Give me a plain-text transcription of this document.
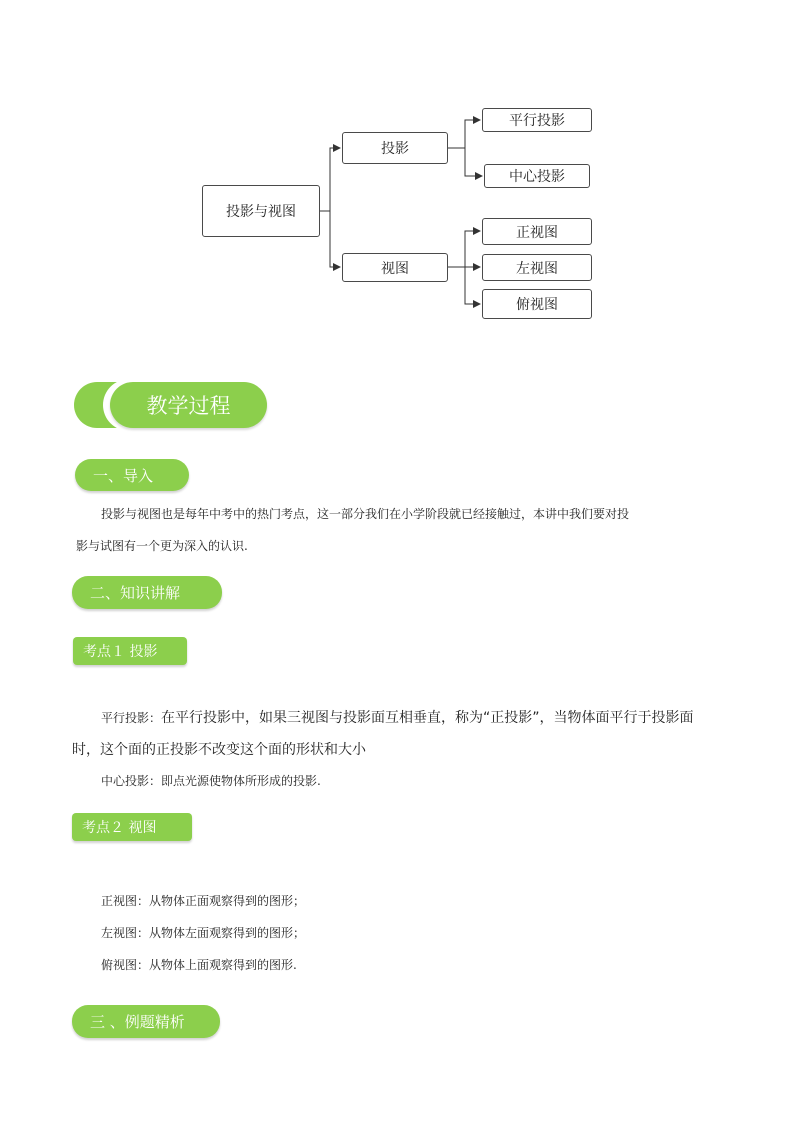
投影与视图
投影
视图
平行投影
中心投影
正视图
左视图
俯视图
教学过程
一、导入
投影与视图也是每年中考中的热门考点，这一部分我们在小学阶段就已经接触过，本讲中我们要对投
影与试图有一个更为深入的认识.
二、知识讲解
考点１ 投影
平行投影：在平行投影中，如果三视图与投影面互相垂直，称为“正投影”，当物体面平行于投影面
时，这个面的正投影不改变这个面的形状和大小
中心投影：即点光源使物体所形成的投影.
考点２ 视图
正视图：从物体正面观察得到的图形；
左视图：从物体左面观察得到的图形；
俯视图：从物体上面观察得到的图形.
三 、例题精析
